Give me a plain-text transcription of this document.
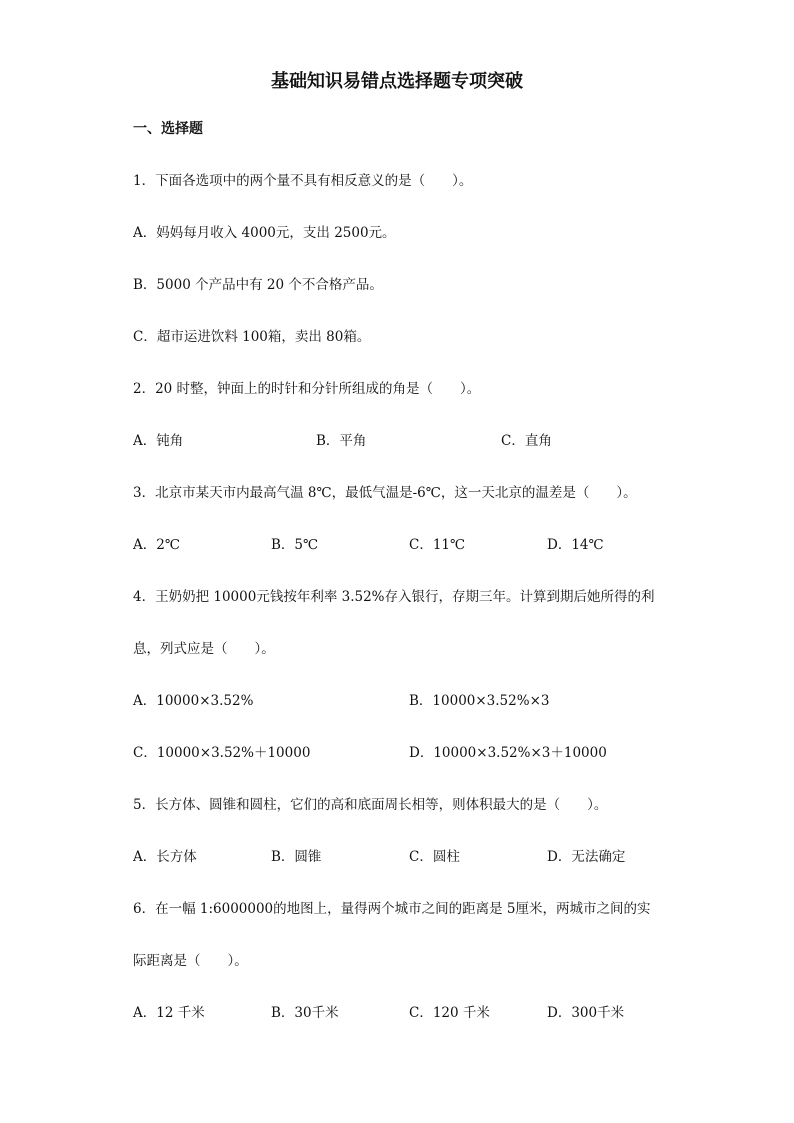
基础知识易错点选择题专项突破
一、选择题
1．下面各选项中的两个量不具有相反意义的是（　　）。
A．妈妈每月收入 4000元，支出 2500元。
B．5000 个产品中有 20 个不合格产品。
C．超市运进饮料 100箱，卖出 80箱。
2．20 时整，钟面上的时针和分针所组成的角是（　　）。
A．钝角	B．平角	C．直角
3．北京市某天市内最高气温 8℃，最低气温是-6℃，这一天北京的温差是（　　）。
A．2℃	B．5℃	C．11℃	D．14℃
4．王奶奶把 10000元钱按年利率 3.52%存入银行，存期三年。计算到期后她所得的利
息，列式应是（　　）。
A．10000×3.52%	B．10000×3.52%×3
C．10000×3.52%＋10000	D．10000×3.52%×3＋10000
5．长方体、圆锥和圆柱，它们的高和底面周长相等，则体积最大的是（　　）。
A．长方体	B．圆锥	C．圆柱	D．无法确定
6．在一幅 1:6000000的地图上，量得两个城市之间的距离是 5厘米，两城市之间的实
际距离是（　　）。
A．12 千米	B．30千米	C．120 千米	D．300千米
